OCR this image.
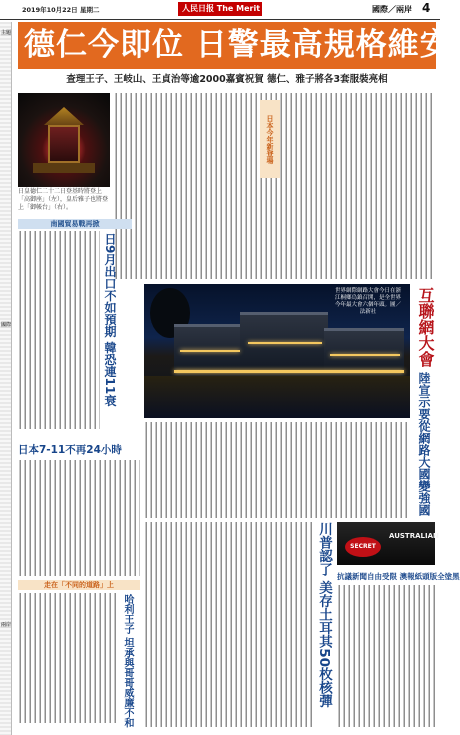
2019年10月22日 星期二	人民日报 The Merit Times	國際／兩岸 4
主題
國際
兩岸
德仁今即位 日警最高規格維安
查理王子、王岐山、王貞治等逾2000嘉賓祝賀 德仁、雅子將各3套服裝亮相
日皇德仁二十二日登基時將登上「高御座」（左），皇后雅子也將登上「御帳台」（右）。
日本今年新登場
南國貿易戰再掀
日9月出口不如預期 韓恐連11衰
日本7-11不再24小時
走在「不同的道路」上
哈利王子 坦承與哥哥威廉不和
世界網際網路大會今日在浙江桐鄉烏鎮召開，是全世界今年最大會六個年頭。圖／法新社	互聯網大會
陸宣示要從網路大國變強國
川普認了 美存土耳其50枚核彈	SECRET
AUSTRALIAN
抗議新聞自由受限 澳報紙頭版全塗黑
